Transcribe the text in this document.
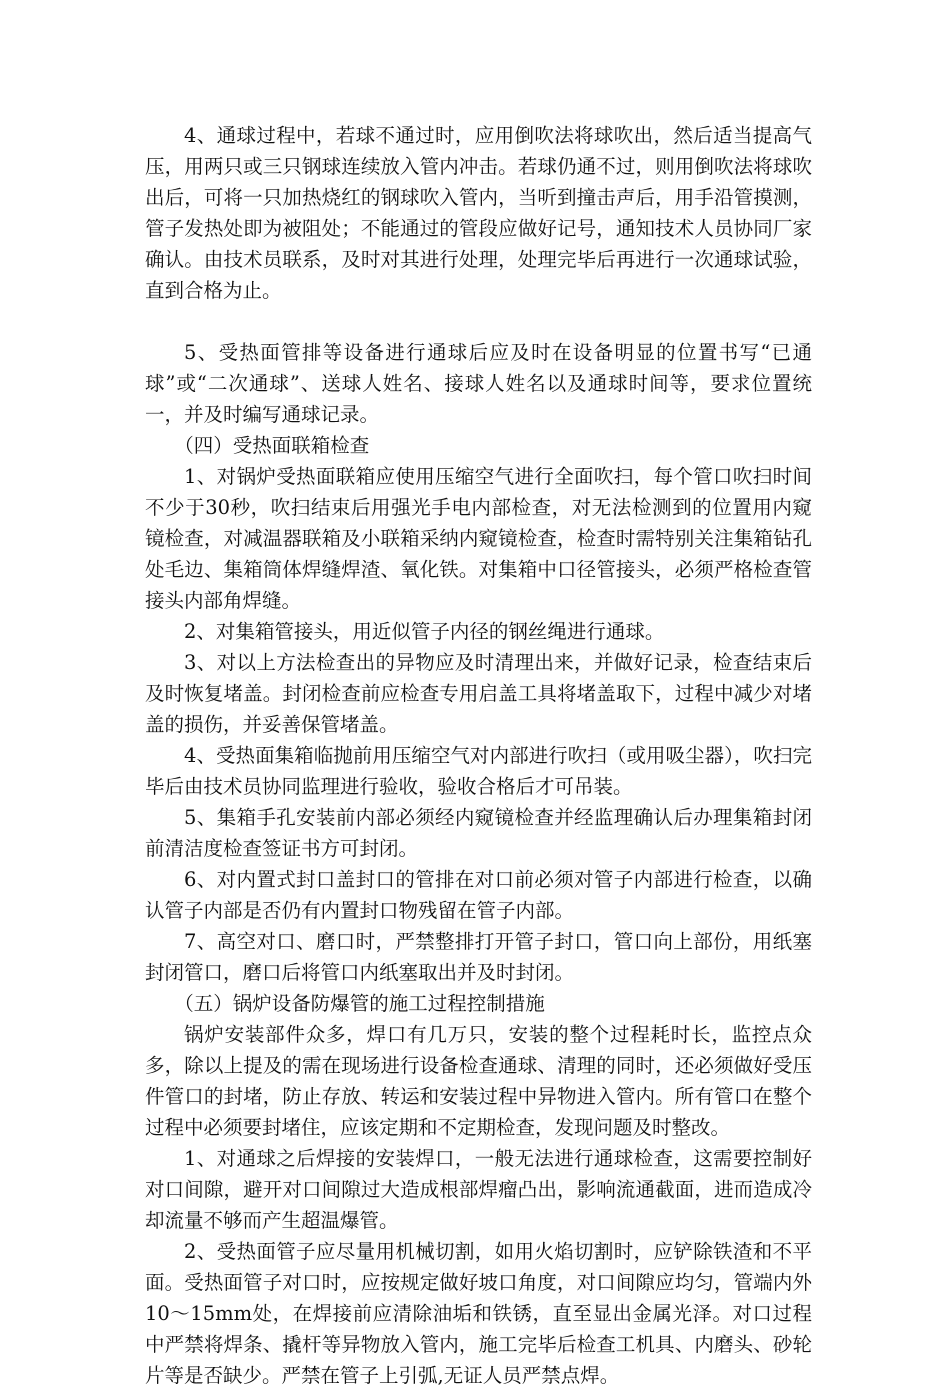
4、通球过程中，若球不通过时，应用倒吹法将球吹出，然后适当提高气压，用两只或三只钢球连续放入管内冲击。若球仍通不过，则用倒吹法将球吹出后，可将一只加热烧红的钢球吹入管内，当听到撞击声后，用手沿管摸测，管子发热处即为被阻处；不能通过的管段应做好记号，通知技术人员协同厂家确认。由技术员联系，及时对其进行处理，处理完毕后再进行一次通球试验，直到合格为止。

5、受热面管排等设备进行通球后应及时在设备明显的位置书写“已通球”或“二次通球”、送球人姓名、接球人姓名以及通球时间等，要求位置统一，并及时编写通球记录。

（四）受热面联箱检查

1、对锅炉受热面联箱应使用压缩空气进行全面吹扫，每个管口吹扫时间不少于30秒，吹扫结束后用强光手电内部检查，对无法检测到的位置用内窥镜检查，对减温器联箱及小联箱采纳内窥镜检查，检查时需特别关注集箱钻孔处毛边、集箱筒体焊缝焊渣、氧化铁。对集箱中口径管接头，必须严格检查管接头内部角焊缝。

2、对集箱管接头，用近似管子内径的钢丝绳进行通球。

3、对以上方法检查出的异物应及时清理出来，并做好记录，检查结束后及时恢复堵盖。封闭检查前应检查专用启盖工具将堵盖取下，过程中减少对堵盖的损伤，并妥善保管堵盖。

4、受热面集箱临抛前用压缩空气对内部进行吹扫（或用吸尘器），吹扫完毕后由技术员协同监理进行验收，验收合格后才可吊装。

5、集箱手孔安装前内部必须经内窥镜检查并经监理确认后办理集箱封闭前清洁度检查签证书方可封闭。

6、对内置式封口盖封口的管排在对口前必须对管子内部进行检查，以确认管子内部是否仍有内置封口物残留在管子内部。

7、高空对口、磨口时，严禁整排打开管子封口，管口向上部份，用纸塞封闭管口，磨口后将管口内纸塞取出并及时封闭。

（五）锅炉设备防爆管的施工过程控制措施

锅炉安装部件众多，焊口有几万只，安装的整个过程耗时长，监控点众多，除以上提及的需在现场进行设备检查通球、清理的同时，还必须做好受压件管口的封堵，防止存放、转运和安装过程中异物进入管内。所有管口在整个过程中必须要封堵住，应该定期和不定期检查，发现问题及时整改。

1、对通球之后焊接的安装焊口，一般无法进行通球检查，这需要控制好对口间隙，避开对口间隙过大造成根部焊瘤凸出，影响流通截面，进而造成冷却流量不够而产生超温爆管。

2、受热面管子应尽量用机械切割，如用火焰切割时，应铲除铁渣和不平面。受热面管子对口时，应按规定做好坡口角度，对口间隙应均匀，管端内外10～15mm处，在焊接前应清除油垢和铁锈，直至显出金属光泽。对口过程中严禁将焊条、撬杆等异物放入管内，施工完毕后检查工机具、内磨头、砂轮片等是否缺少。严禁在管子上引弧,无证人员严禁点焊。
